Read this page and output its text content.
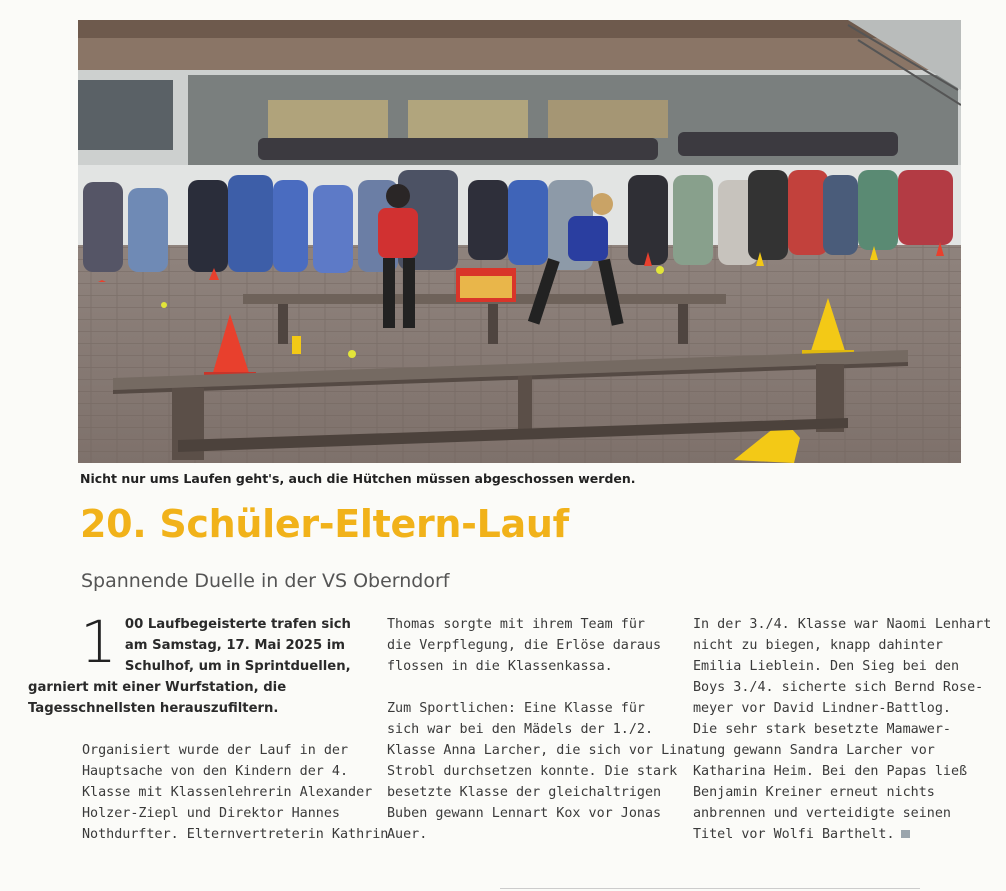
Nicht nur ums Laufen geht's, auch die Hütchen müssen abgeschossen werden.
20. Schüler-Eltern-Lauf
Spannende Duelle in der VS Oberndorf

1 00 Laufbegeisterte trafen sich
am Samstag, 17. Mai 2025 im
Schulhof, um in Sprintduellen,
garniert mit einer Wurfstation, die
Tagesschnellsten herauszufiltern.

Organisiert wurde der Lauf in der
Hauptsache von den Kindern der 4.
Klasse mit Klassenlehrerin Alexander
Holzer-Ziepl und Direktor Hannes
Nothdurfter. Elternvertreterin Kathrin

Thomas sorgte mit ihrem Team für
die Verpflegung, die Erlöse daraus
flossen in die Klassenkassa.

Zum Sportlichen: Eine Klasse für
sich war bei den Mädels der 1./2.
Klasse Anna Larcher, die sich vor Lina
Strobl durchsetzen konnte. Die stark
besetzte Klasse der gleichaltrigen
Buben gewann Lennart Kox vor Jonas
Auer.

In der 3./4. Klasse war Naomi Lenhart
nicht zu biegen, knapp dahinter
Emilia Lieblein. Den Sieg bei den
Boys 3./4. sicherte sich Bernd Rose-
meyer vor David Lindner-Battlog.
Die sehr stark besetzte Mamawer-
tung gewann Sandra Larcher vor
Katharina Heim. Bei den Papas ließ
Benjamin Kreiner erneut nichts
anbrennen und verteidigte seinen
Titel vor Wolfi Barthelt.
